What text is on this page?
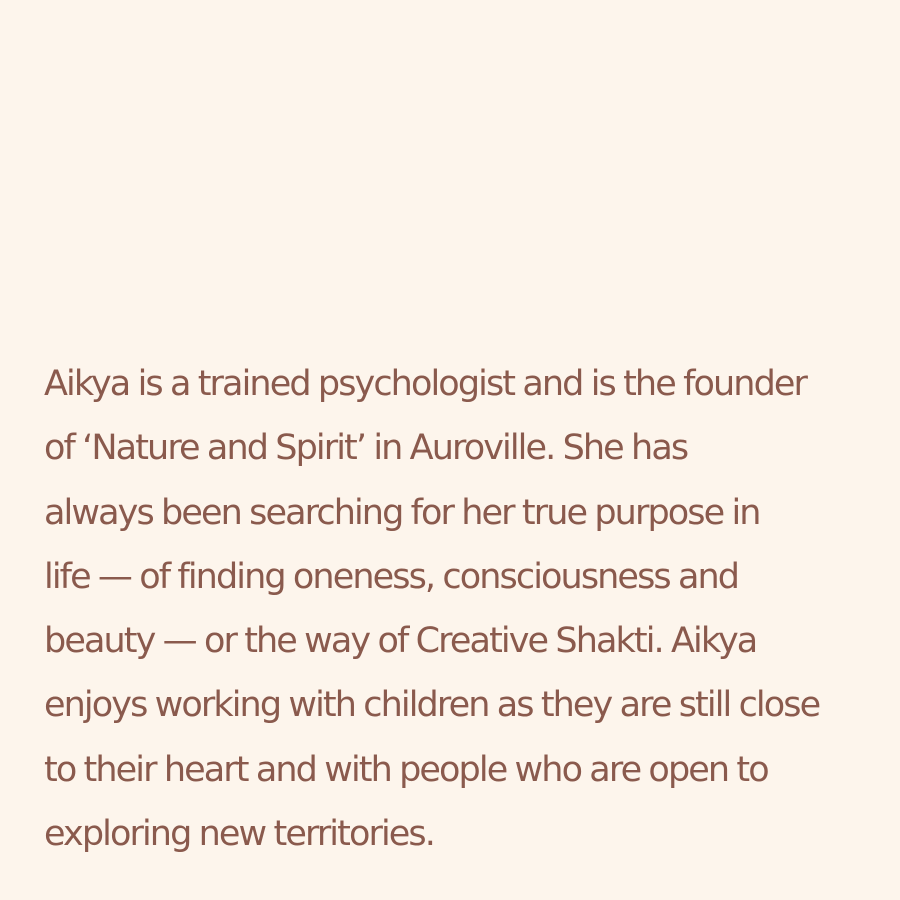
Aikya is a trained psychologist and is the founder
of ‘Nature and Spirit’ in Auroville. She has
always been searching for her true purpose in
life — of finding oneness, consciousness and
beauty — or the way of Creative Shakti. Aikya
enjoys working with children as they are still close
to their heart and with people who are open to
exploring new territories.
